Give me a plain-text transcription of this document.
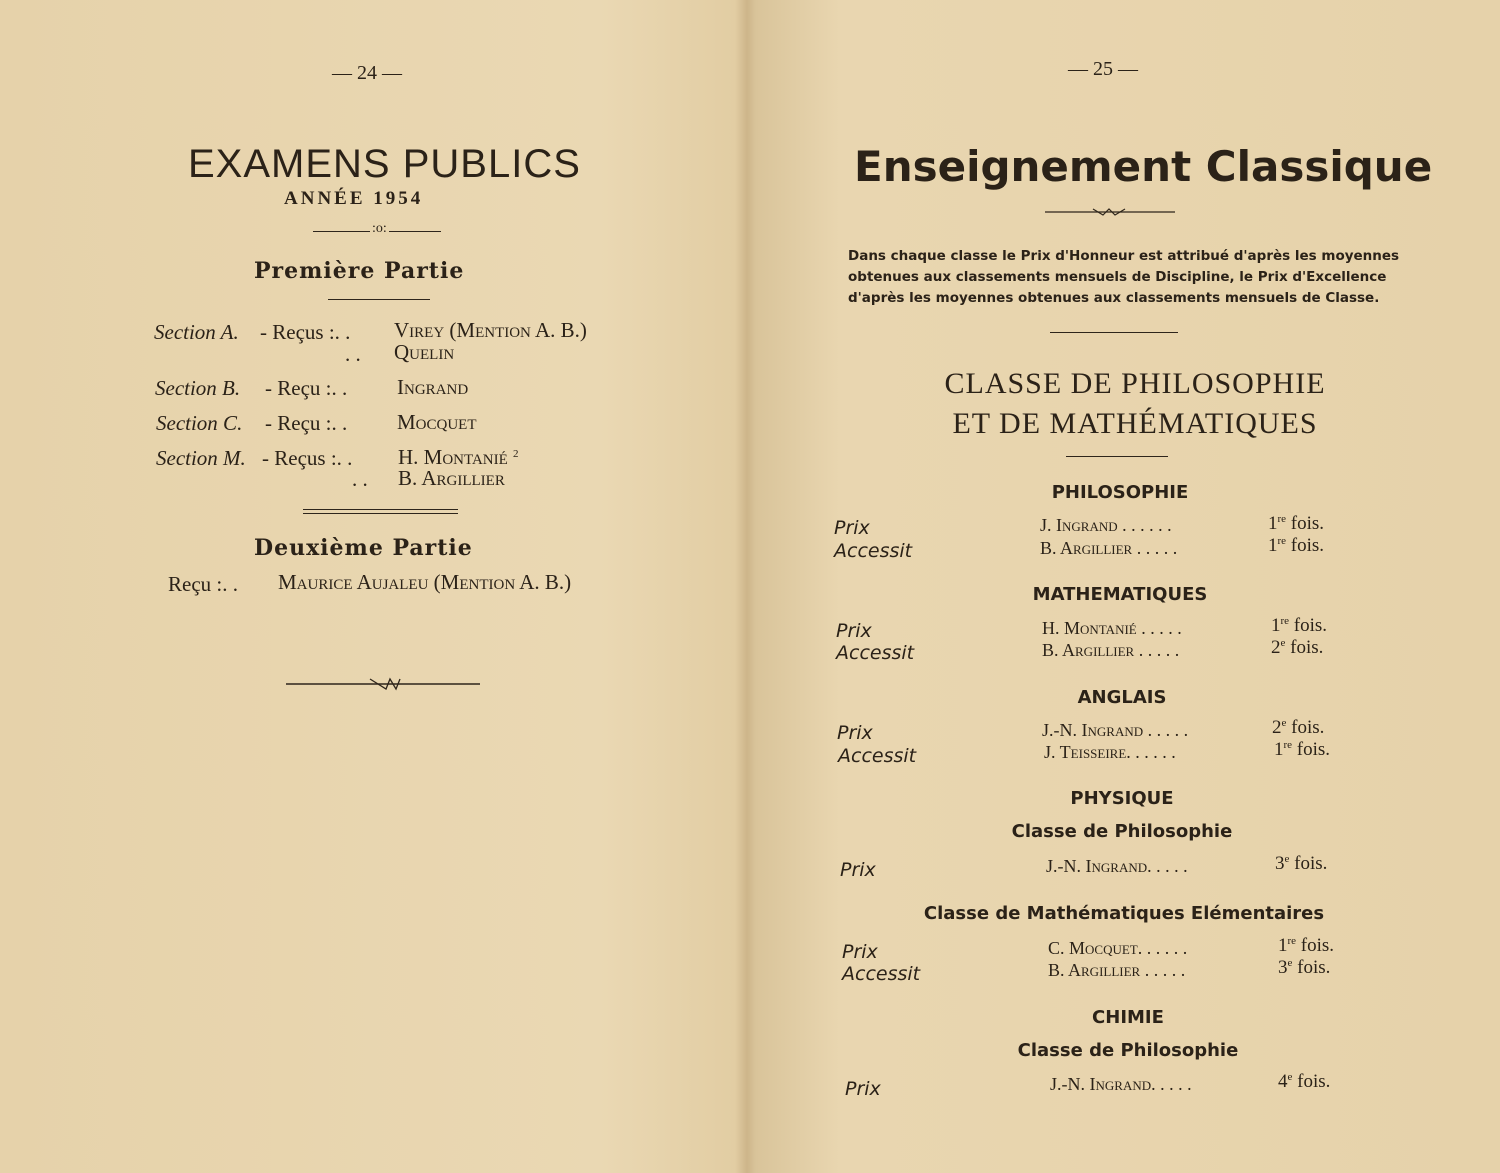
— 24 —
EXAMENS PUBLICS
ANNÉE 1954
:o:
Première Partie
Section A. - Reçus :. . Virey (Mention A. B.)
. . Quelin
Section B. - Reçu :. . Ingrand
Section C. - Reçu :. . Mocquet
Section M. - Reçus :. . H. Montanié $^2$
. . B. Argillier
Deuxième Partie
Reçu :. . Maurice Aujaleu (Mention A. B.)
— 25 —
Enseignement Classique
Dans chaque classe le Prix d'Honneur est attribué d'après les moyennes
obtenues aux classements mensuels de Discipline, le Prix d'Excellence
d'après les moyennes obtenues aux classements mensuels de Classe.
CLASSE DE PHILOSOPHIE
ET DE MATHÉMATIQUES
PHILOSOPHIE
Prix	J. Ingrand . . . . . .	1re fois.
Accessit	B. Argillier . . . . .	1re fois.
MATHEMATIQUES
Prix	H. Montanié . . . . .	1re fois.
Accessit	B. Argillier . . . . .	2e fois.
ANGLAIS
Prix	J.-N. Ingrand . . . . .	2e fois.
Accessit	J. Teisseire. . . . . .	1re fois.
PHYSIQUE
Classe de Philosophie
Prix	J.-N. Ingrand. . . . .	3e fois.
Classe de Mathématiques Elémentaires
Prix	C. Mocquet. . . . . .	1re fois.
Accessit	B. Argillier . . . . .	3e fois.
CHIMIE
Classe de Philosophie
Prix	J.-N. Ingrand. . . . .	4e fois.
